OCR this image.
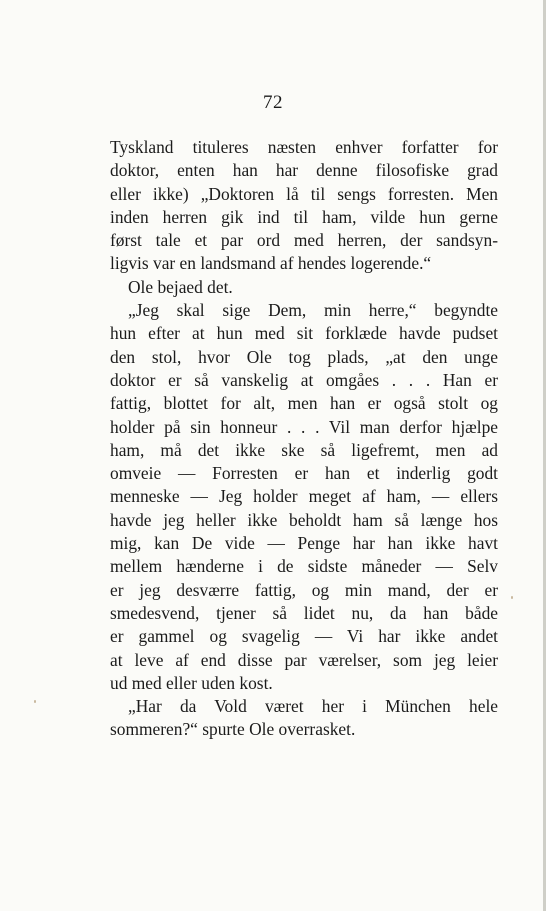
72
Tyskland tituleres næsten enhver forfatter for
doktor, enten han har denne filosofiske grad
eller ikke) „Doktoren lå til sengs forresten. Men
inden herren gik ind til ham, vilde hun gerne
først tale et par ord med herren, der sandsyn-
ligvis var en landsmand af hendes logerende.“
Ole bejaed det.
„Jeg skal sige Dem, min herre,“ begyndte
hun efter at hun med sit forklæde havde pudset
den stol, hvor Ole tog plads, „at den unge
doktor er så vanskelig at omgåes . . . Han er
fattig, blottet for alt, men han er også stolt og
holder på sin honneur . . . Vil man derfor hjælpe
ham, må det ikke ske så ligefremt, men ad
omveie — Forresten er han et inderlig godt
menneske — Jeg holder meget af ham, — ellers
havde jeg heller ikke beholdt ham så længe hos
mig, kan De vide — Penge har han ikke havt
mellem hænderne i de sidste måneder — Selv
er jeg desværre fattig, og min mand, der er
smedesvend, tjener så lidet nu, da han både
er gammel og svagelig — Vi har ikke andet
at leve af end disse par værelser, som jeg leier
ud med eller uden kost.
„Har da Vold været her i München hele
sommeren?“ spurte Ole overrasket.
